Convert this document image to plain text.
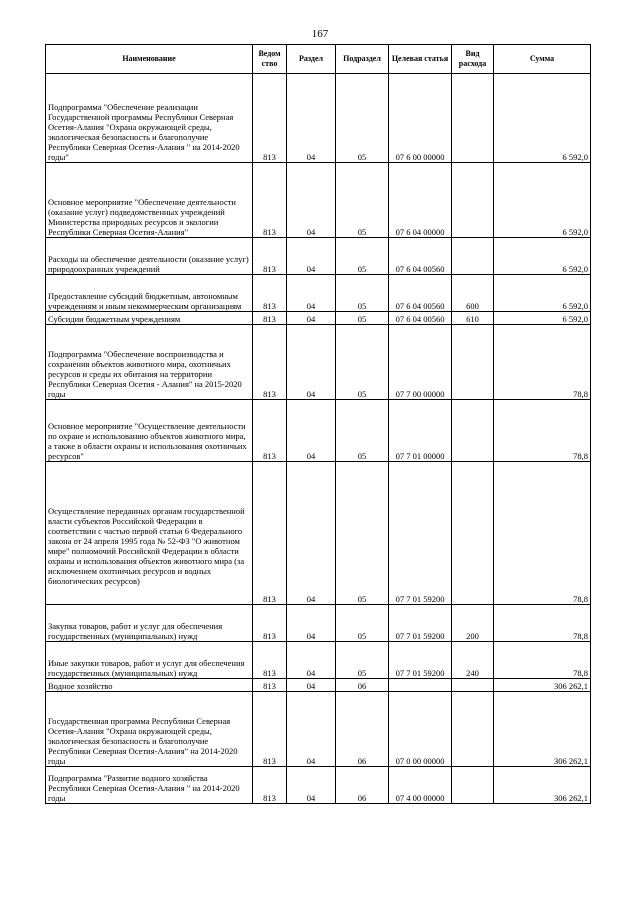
167
Наименование	Ведом ство	Раздел	Подраздел	Целевая статья	Вид расхода	Сумма
Подпрограмма "Обеспечение реализации Государственной программы Республики Северная Осетия-Алания "Охрана окружающей среды, экологическая безопасность и благополучие Республики Северная Осетия-Алания " на 2014-2020 годы"	813	04	05	07 6 00 00000		6 592,0
Основное мероприятие "Обеспечение деятельности (оказание услуг) подведомственных учреждений Министерства природных ресурсов и экологии Республики Северная Осетия-Алания"	813	04	05	07 6 04 00000		6 592,0
Расходы на обеспечение деятельности (оказание услуг) природоохранных учреждений	813	04	05	07 6 04 00560		6 592,0
Предоставление субсидий бюджетным, автономным учреждениям и иным некоммерческим организациям	813	04	05	07 6 04 00560	600	6 592,0
Субсидии бюджетным учреждениям	813	04	05	07 6 04 00560	610	6 592,0
Подпрограмма "Обеспечение воспроизводства и сохранения объектов животного мира, охотничьих ресурсов и среды их обитания на территории Республики Северная Осетия - Алания" на 2015-2020 годы	813	04	05	07 7 00 00000		78,8
Основное мероприятие "Осуществление деятельности по охране и использованию объектов животного мира, а также в области охраны и использования охотничьих ресурсов"	813	04	05	07 7 01 00000		78,8
Осуществление переданных органам государственной власти субъектов Российской Федерации в соответствии с частью первой статьи 6 Федерального закона от 24 апреля 1995 года № 52-ФЗ "О животном мире" полномочий Российской Федерации в области охраны и использования объектов животного мира (за исключением охотничьих ресурсов и водных биологических ресурсов)	813	04	05	07 7 01 59200		78,8
Закупка товаров, работ и услуг для обеспечения государственных (муниципальных) нужд	813	04	05	07 7 01 59200	200	78,8
Иные закупки товаров, работ и услуг для обеспечения государственных (муниципальных) нужд	813	04	05	07 7 01 59200	240	78,8
Водное хозяйство	813	04	06			306 262,1
Государственная программа Республики Северная Осетия-Алания "Охрана окружающей среды, экологическая безопасность и благополучие Республики Северная Осетия-Алания" на 2014-2020 годы	813	04	06	07 0 00 00000		306 262,1
Подпрограмма "Развитие водного хозяйства Республики Северная Осетия-Алания " на 2014-2020 годы	813	04	06	07 4 00 00000		306 262,1
